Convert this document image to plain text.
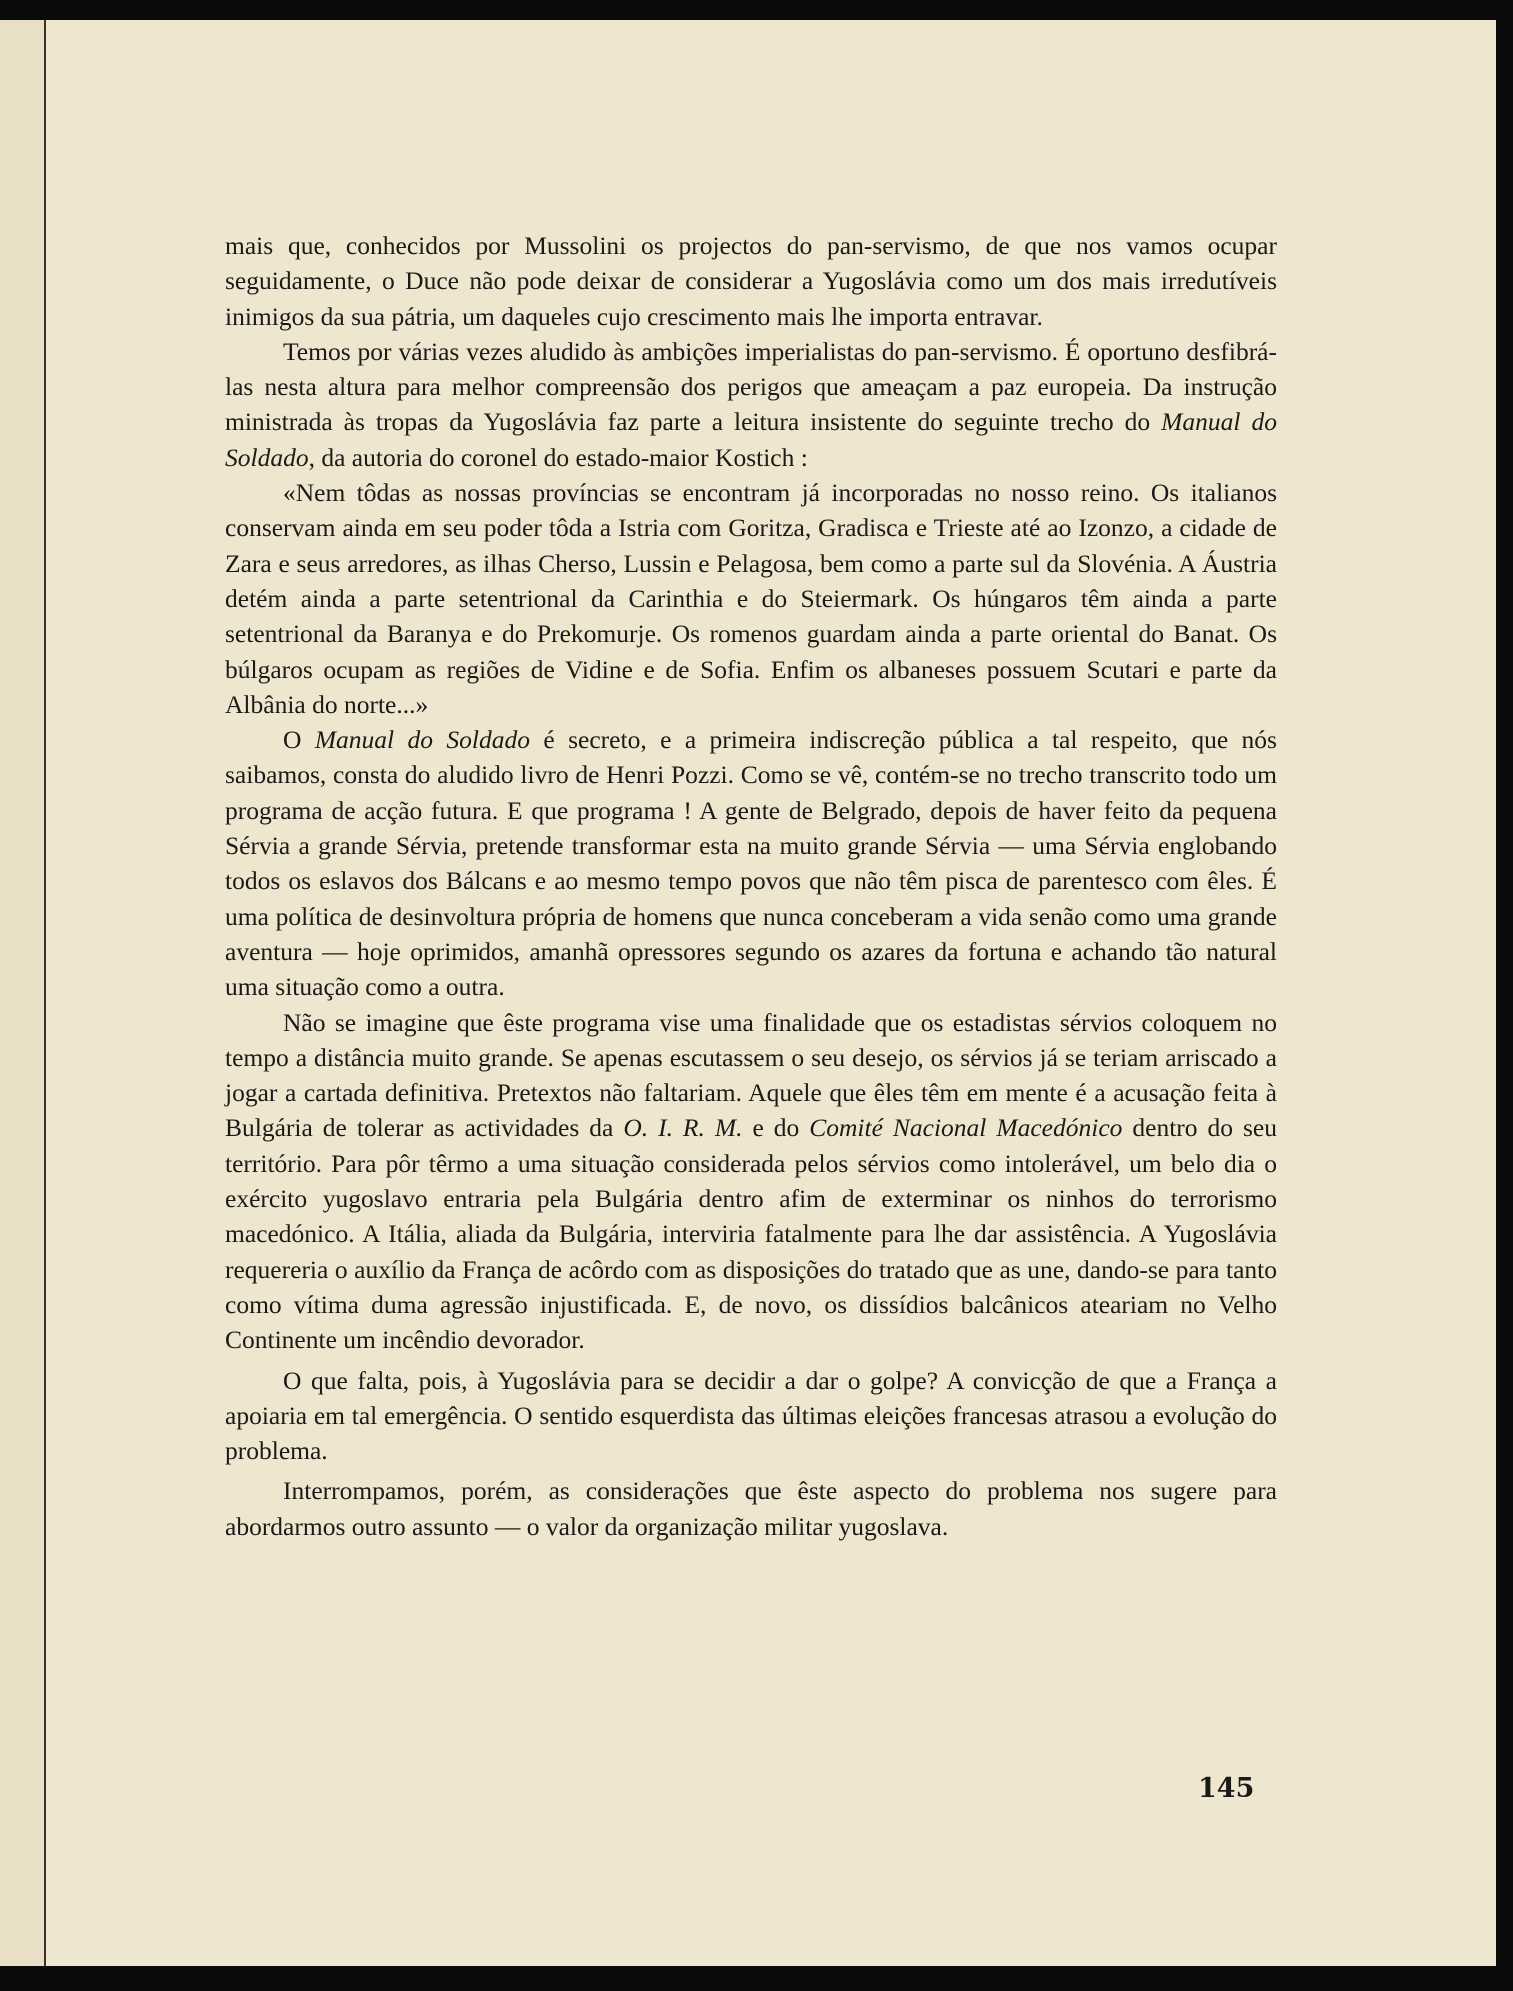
mais que, conhecidos por Mussolini os projectos do pan-servismo, de que nos vamos ocupar seguidamente, o Duce não pode deixar de considerar a Yugoslávia como um dos mais irredutíveis inimigos da sua pátria, um daqueles cujo crescimento mais lhe importa entravar.

Temos por várias vezes aludido às ambições imperialistas do pan-servismo. É oportuno desfibrá-las nesta altura para melhor compreensão dos perigos que ameaçam a paz europeia. Da instrução ministrada às tropas da Yugoslávia faz parte a leitura insistente do seguinte trecho do Manual do Soldado, da autoria do coronel do estado-maior Kostich :

«Nem tôdas as nossas províncias se encontram já incorporadas no nosso reino. Os italianos conservam ainda em seu poder tôda a Istria com Goritza, Gradisca e Trieste até ao Izonzo, a cidade de Zara e seus arredores, as ilhas Cherso, Lussin e Pelagosa, bem como a parte sul da Slovénia. A Áustria detém ainda a parte setentrional da Carinthia e do Steiermark. Os húngaros têm ainda a parte setentrional da Baranya e do Prekomurje. Os romenos guardam ainda a parte oriental do Banat. Os búlgaros ocupam as regiões de Vidine e de Sofia. Enfim os albaneses possuem Scutari e parte da Albânia do norte...»

O Manual do Soldado é secreto, e a primeira indiscreção pública a tal respeito, que nós saibamos, consta do aludido livro de Henri Pozzi. Como se vê, contém-se no trecho transcrito todo um programa de acção futura. E que programa ! A gente de Belgrado, depois de haver feito da pequena Sérvia a grande Sérvia, pretende transformar esta na muito grande Sérvia — uma Sérvia englobando todos os eslavos dos Bálcans e ao mesmo tempo povos que não têm pisca de parentesco com êles. É uma política de desinvoltura própria de homens que nunca conceberam a vida senão como uma grande aventura — hoje oprimidos, amanhã opressores segundo os azares da fortuna e achando tão natural uma situação como a outra.

Não se imagine que êste programa vise uma finalidade que os estadistas sérvios coloquem no tempo a distância muito grande. Se apenas escutassem o seu desejo, os sérvios já se teriam arriscado a jogar a cartada definitiva. Pretextos não faltariam. Aquele que êles têm em mente é a acusação feita à Bulgária de tolerar as actividades da O. I. R. M. e do Comité Nacional Macedónico dentro do seu território. Para pôr têrmo a uma situação considerada pelos sérvios como intolerável, um belo dia o exército yugoslavo entraria pela Bulgária dentro afim de exterminar os ninhos do terrorismo macedónico. A Itália, aliada da Bulgária, interviria fatalmente para lhe dar assistência. A Yugoslávia requereria o auxílio da França de acôrdo com as disposições do tratado que as une, dando-se para tanto como vítima duma agressão injustificada. E, de novo, os dissídios balcânicos ateariam no Velho Continente um incêndio devorador.

O que falta, pois, à Yugoslávia para se decidir a dar o golpe? A convicção de que a França a apoiaria em tal emergência. O sentido esquerdista das últimas eleições francesas atrasou a evolução do problema.

Interrompamos, porém, as considerações que êste aspecto do problema nos sugere para abordarmos outro assunto — o valor da organização militar yugoslava.

145
